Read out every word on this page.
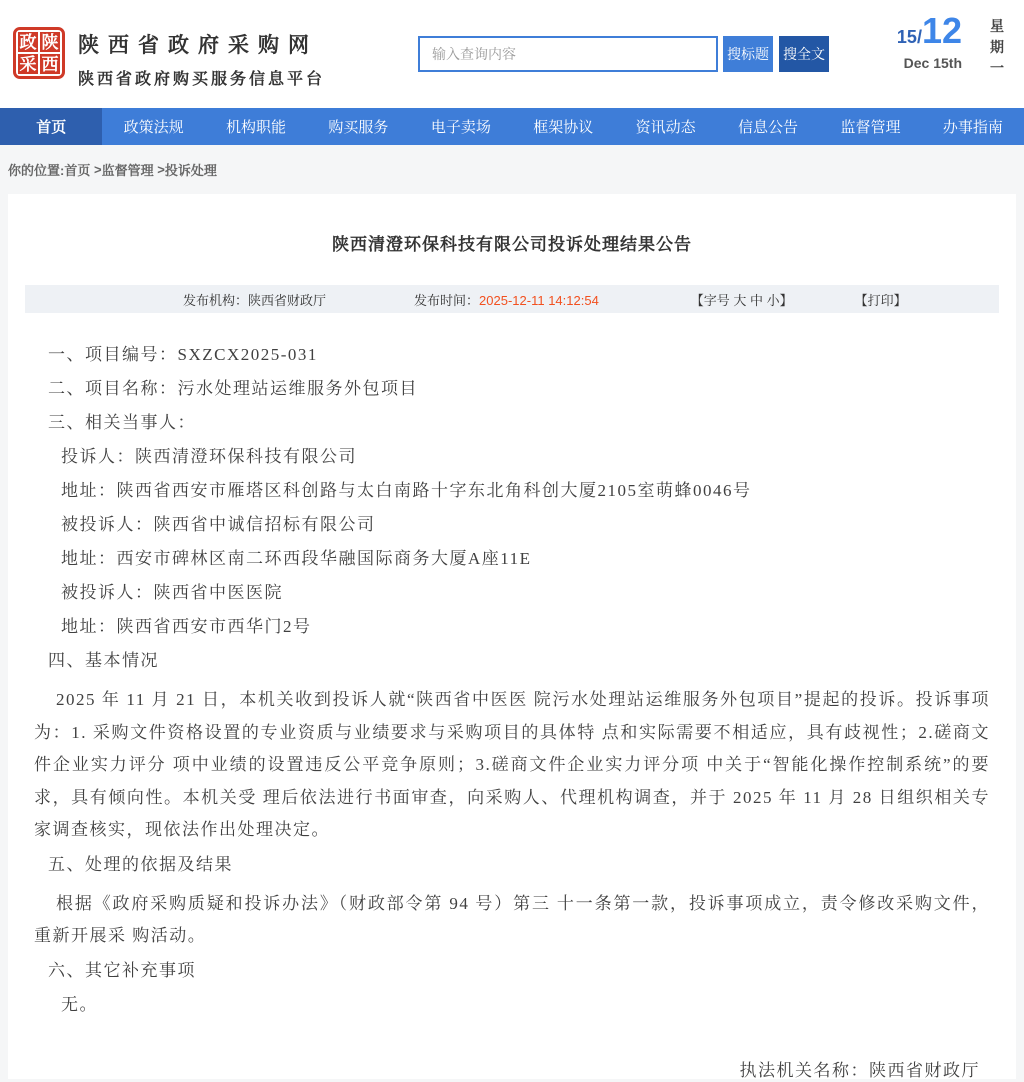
政 陕
采 西
陕西省政府采购网
陕西省政府购买服务信息平台
输入查询内容
搜标题 搜全文
15/12
Dec 15th
星
期
一
首页	政策法规	机构职能	购买服务	电子卖场	框架协议	资讯动态	信息公告	监督管理	办事指南
你的位置: 首页 > 监督管理 > 投诉处理
陕西清澄环保科技有限公司投诉处理结果公告
发布机构：陕西省财政厅	发布时间：2025-12-11 14:12:54	【字号 大 中 小】	【打印】
一、项目编号：SXZCX2025-031
二、项目名称：污水处理站运维服务外包项目
三、相关当事人：
投诉人：陕西清澄环保科技有限公司
地址：陕西省西安市雁塔区科创路与太白南路十字东北角科创大厦2105室萌蜂0046号
被投诉人：陕西省中诚信招标有限公司
地址：西安市碑林区南二环西段华融国际商务大厦A座11E
被投诉人：陕西省中医医院
地址：陕西省西安市西华门2号
四、基本情况
2025 年 11 月 21 日，本机关收到投诉人就“陕西省中医医 院污水处理站运维服务外包项目”提起的投诉。投诉事项为：1. 采购文件资格设置的专业资质与业绩要求与采购项目的具体特 点和实际需要不相适应，具有歧视性；2.磋商文件企业实力评分 项中业绩的设置违反公平竞争原则；3.磋商文件企业实力评分项 中关于“智能化操作控制系统”的要求，具有倾向性。本机关受 理后依法进行书面审查，向采购人、代理机构调查，并于 2025 年 11 月 28 日组织相关专家调查核实，现依法作出处理决定。
五、处理的依据及结果
根据《政府采购质疑和投诉办法》（财政部令第 94 号）第三 十一条第一款，投诉事项成立，责令修改采购文件，重新开展采 购活动。
六、其它补充事项
无。
执法机关名称：陕西省财政厅
